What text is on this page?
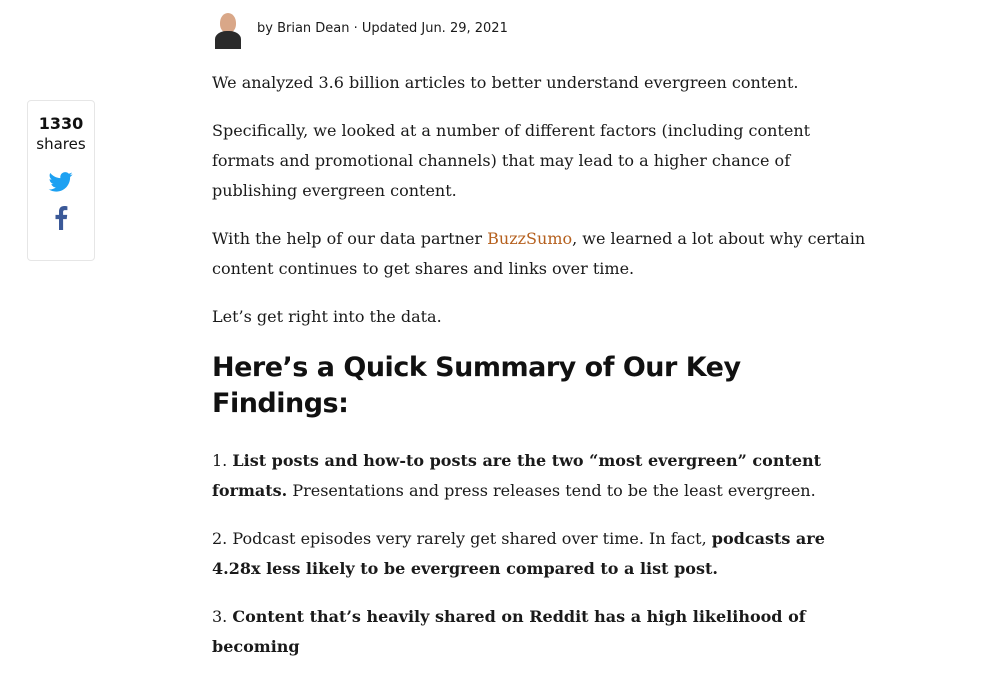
by Brian Dean · Updated Jun. 29, 2021
1330
shares

We analyzed 3.6 billion articles to better understand evergreen content.

Specifically, we looked at a number of different factors (including content formats and promotional channels) that may lead to a higher chance of publishing evergreen content.

With the help of our data partner BuzzSumo, we learned a lot about why certain content continues to get shares and links over time.

Let’s get right into the data.

Here’s a Quick Summary of Our Key Findings:

1. List posts and how-to posts are the two “most evergreen” content formats. Presentations and press releases tend to be the least evergreen.

2. Podcast episodes very rarely get shared over time. In fact, podcasts are 4.28x less likely to be evergreen compared to a list post.

3. Content that’s heavily shared on Reddit has a high likelihood of becoming
